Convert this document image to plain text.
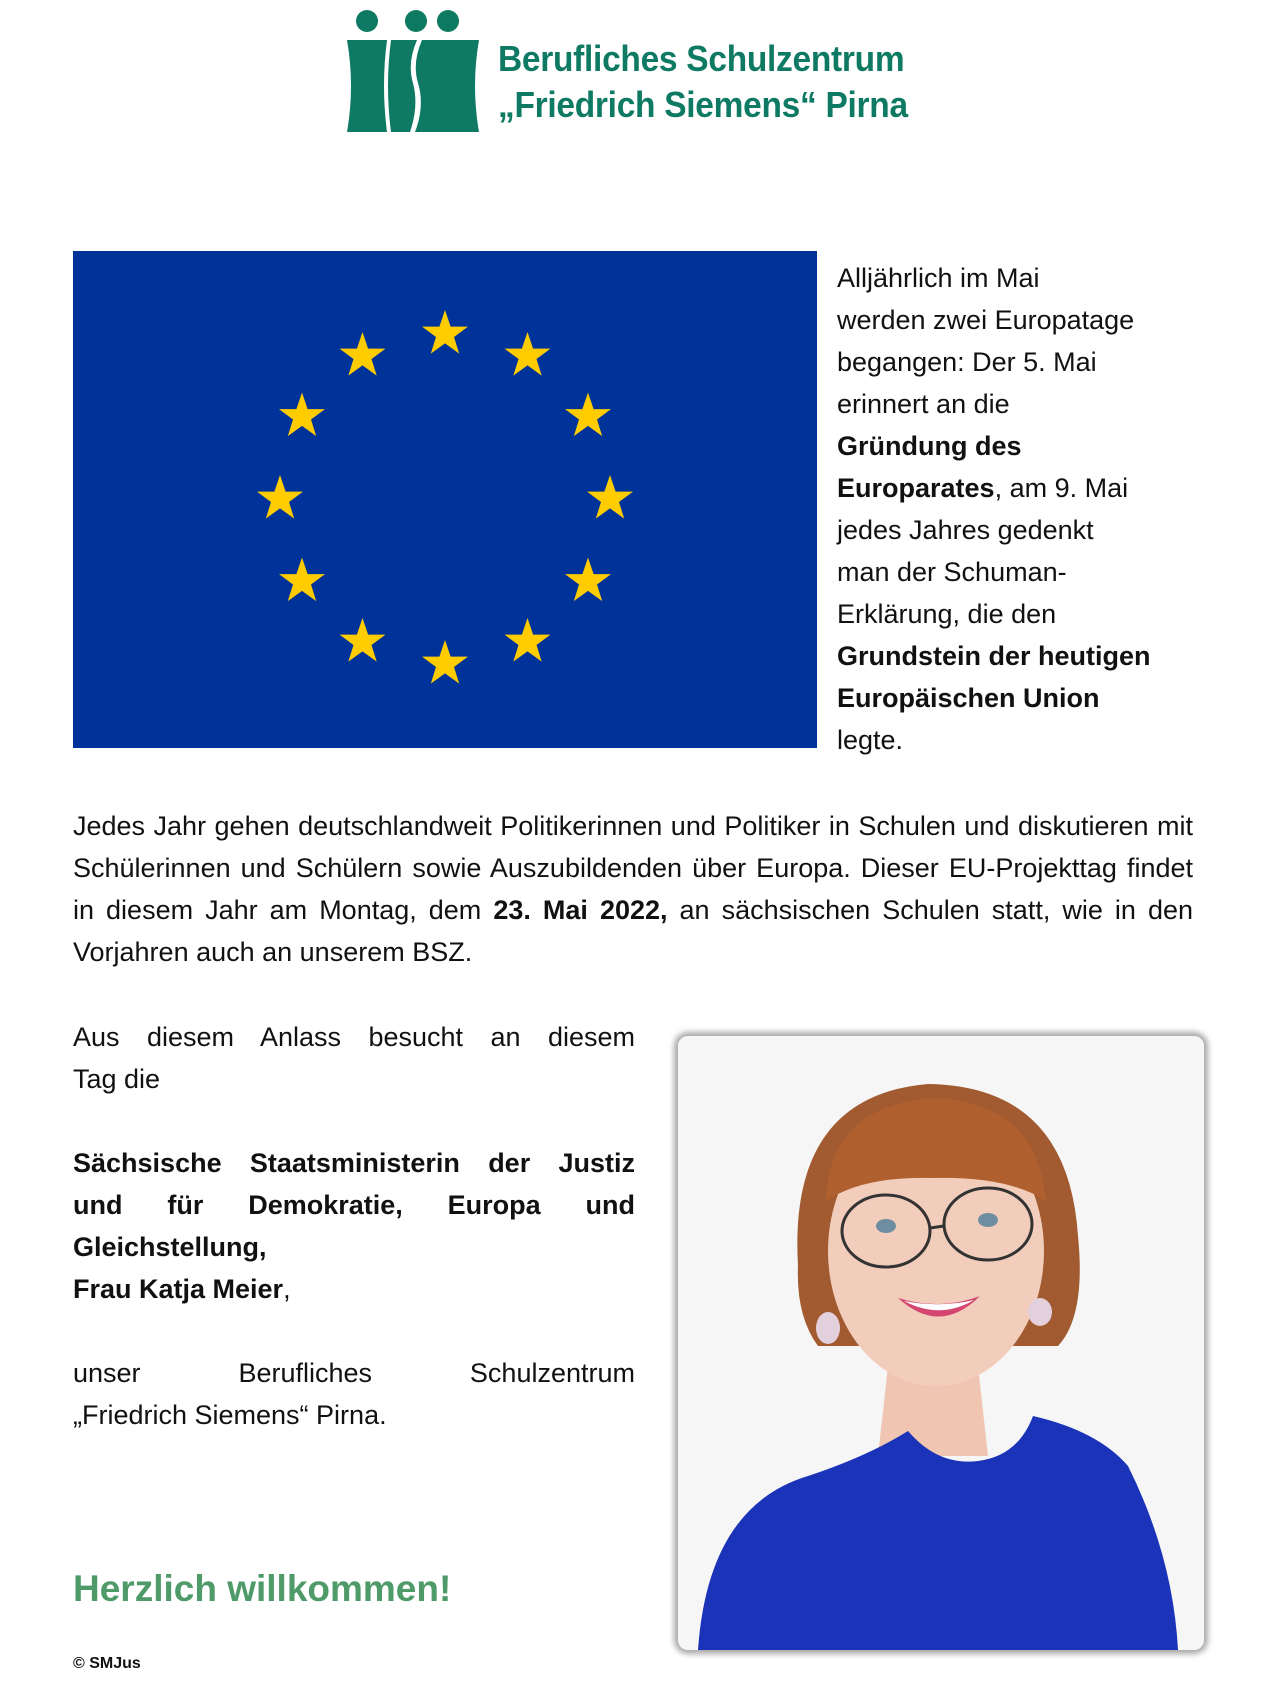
Berufliches Schulzentrum
„Friedrich Siemens“ Pirna
Alljährlich im Mai
werden zwei Europatage
begangen: Der 5. Mai
erinnert an die
Gründung des
Europarates, am 9. Mai
jedes Jahres gedenkt
man der Schuman-
Erklärung, die den
Grundstein der heutigen
Europäischen Union
legte.
Jedes Jahr gehen deutschlandweit Politikerinnen und Politiker in Schulen und diskutieren mit Schülerinnen und Schülern sowie Auszubildenden über Europa. Dieser EU-Projekttag findet in diesem Jahr am Montag, dem 23. Mai 2022, an sächsischen Schulen statt, wie in den Vorjahren auch an unserem BSZ.
Aus diesem Anlass besucht an diesem
Tag die
Sächsische Staatsministerin der Justiz
und für Demokratie, Europa und
Gleichstellung,
Frau Katja Meier,
unser Berufliches Schulzentrum
„Friedrich Siemens“ Pirna.
Herzlich willkommen!
© SMJus
